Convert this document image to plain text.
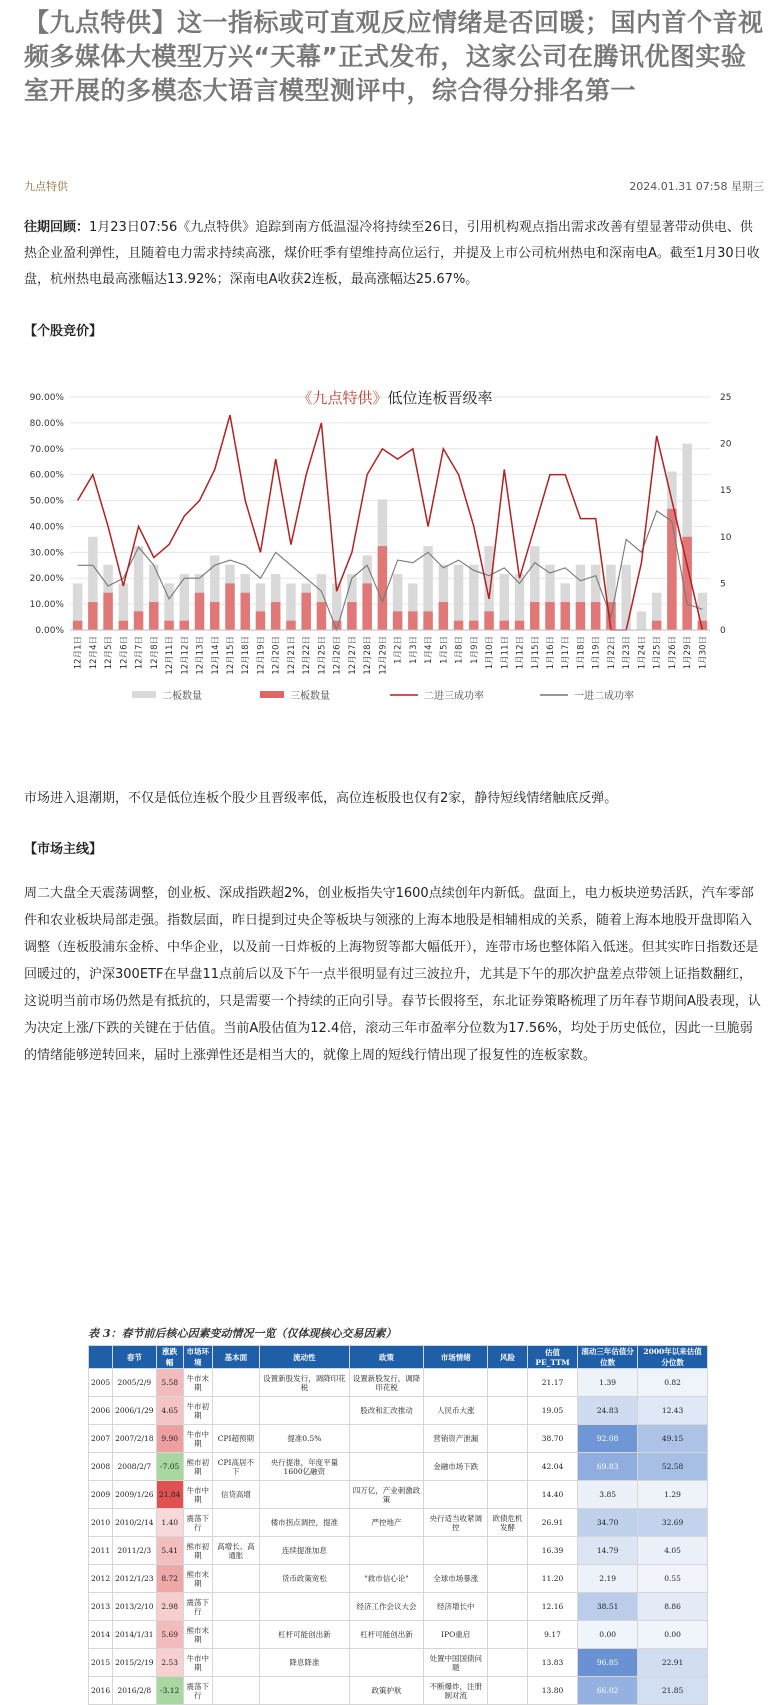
【九点特供】这一指标或可直观反应情绪是否回暖；国内首个音视频多媒体大模型万兴“天幕”正式发布，这家公司在腾讯优图实验室开展的多模态大语言模型测评中，综合得分排名第一
九点特供	2024.01.31 07:58 星期三

往期回顾：1月23日07:56《九点特供》追踪到南方低温湿冷将持续至26日，引用机构观点指出需求改善有望显著带动供电、供热企业盈利弹性，且随着电力需求持续高涨，煤价旺季有望维持高位运行，并提及上市公司杭州热电和深南电A。截至1月30日收盘，杭州热电最高涨幅达13.92%；深南电A收获2连板，最高涨幅达25.67%。

【个股竞价】
《九点特供》低位连板晋级率
0.00%
10.00%
20.00%
30.00%
40.00%
50.00%
60.00%
70.00%
80.00%
90.00%
0
5
10
15
20
25
12月1日 12月4日 12月5日 12月6日 12月7日 12月8日 12月11日 12月12日 12月13日 12月14日 12月15日 12月18日 12月19日 12月20日 12月21日 12月22日 12月25日 12月26日 12月27日 12月28日 12月29日 1月2日 1月3日 1月4日 1月5日 1月8日 1月9日 1月10日 1月11日 1月12日 1月15日 1月16日 1月17日 1月18日 1月19日 1月22日 1月23日 1月24日 1月25日 1月26日 1月29日 1月30日
二板数量	三板数量	二进三成功率	一进二成功率

市场进入退潮期，不仅是低位连板个股少且晋级率低，高位连板股也仅有2家，静待短线情绪触底反弹。

【市场主线】

周二大盘全天震荡调整，创业板、深成指跌超2%，创业板指失守1600点续创年内新低。盘面上，电力板块逆势活跃，汽车零部件和农业板块局部走强。指数层面，昨日提到过央企等板块与领涨的上海本地股是相辅相成的关系，随着上海本地股开盘即陷入调整（连板股浦东金桥、中华企业，以及前一日炸板的上海物贸等都大幅低开），连带市场也整体陷入低迷。但其实昨日指数还是回暖过的，沪深300ETF在早盘11点前后以及下午一点半很明显有过三波拉升，尤其是下午的那次护盘差点带领上证指数翻红，这说明当前市场仍然是有抵抗的，只是需要一个持续的正向引导。春节长假将至，东北证券策略梳理了历年春节期间A股表现，认为决定上涨/下跌的关键在于估值。当前A股估值为12.4倍，滚动三年市盈率分位数为17.56%，均处于历史低位，因此一旦脆弱的情绪能够逆转回来，届时上涨弹性还是相当大的，就像上周的短线行情出现了报复性的连板家数。

表 3：春节前后核心因素变动情况一览（仅体现核心交易因素）
	春节	涨跌幅	市场环境	基本面	流动性	政策	市场情绪	风险	估值PE_TTM	滚动三年估值分位数	2000年以来估值分位数
2005	2005/2/9	5.58	牛市末期		设置新股发行，调降印花税	设置新股发行，调降印花税			21.17	1.39	0.82
2006	2006/1/29	4.65	牛市初期			股改和汇改推动	人民币大涨		19.05	24.83	12.43
2007	2007/2/18	9.90	牛市中期	CPI超预期	提准0.5%		营销资产泄漏		38.70	92.08	49.15
2008	2008/2/7	-7.05	熊市初期	CPI高居不下	央行提准，年度平量1600亿融资		金融市场下跌		42.04	69.83	52.58
2009	2009/1/26	21.84	牛市中期	信贷高增		四万亿，产业刺激政策			14.40	3.85	1.29
2010	2010/2/14	1.40	震荡下行		楼市拐点调控，提准	严控地产	央行适当收紧调控	欧债危机发酵	26.91	34.70	32.69
2011	2011/2/3	5.41	熊市初期	高增长、高通胀	连续提准加息				16.39	14.79	4.05
2012	2012/1/23	8.72	熊市末期		货币政策宽松	"救市信心论"	全球市场暴涨		11.20	2.19	0.55
2013	2013/2/10	2.98	震荡下行			经济工作会议大会	经济增长中		12.16	38.51	8.86
2014	2014/1/31	5.69	熊市末期		杠杆可能创出新	杠杆可能创出新	IPO重启		9.17	0.00	0.00
2015	2015/2/19	2.53	牛市中期		降息降准		处置中国国债问题		13.83	96.85	22.91
2016	2016/2/8	-3.12	震荡下行			政策护航	不断爆炸，注册制对流		13.80	66.02	21.85
